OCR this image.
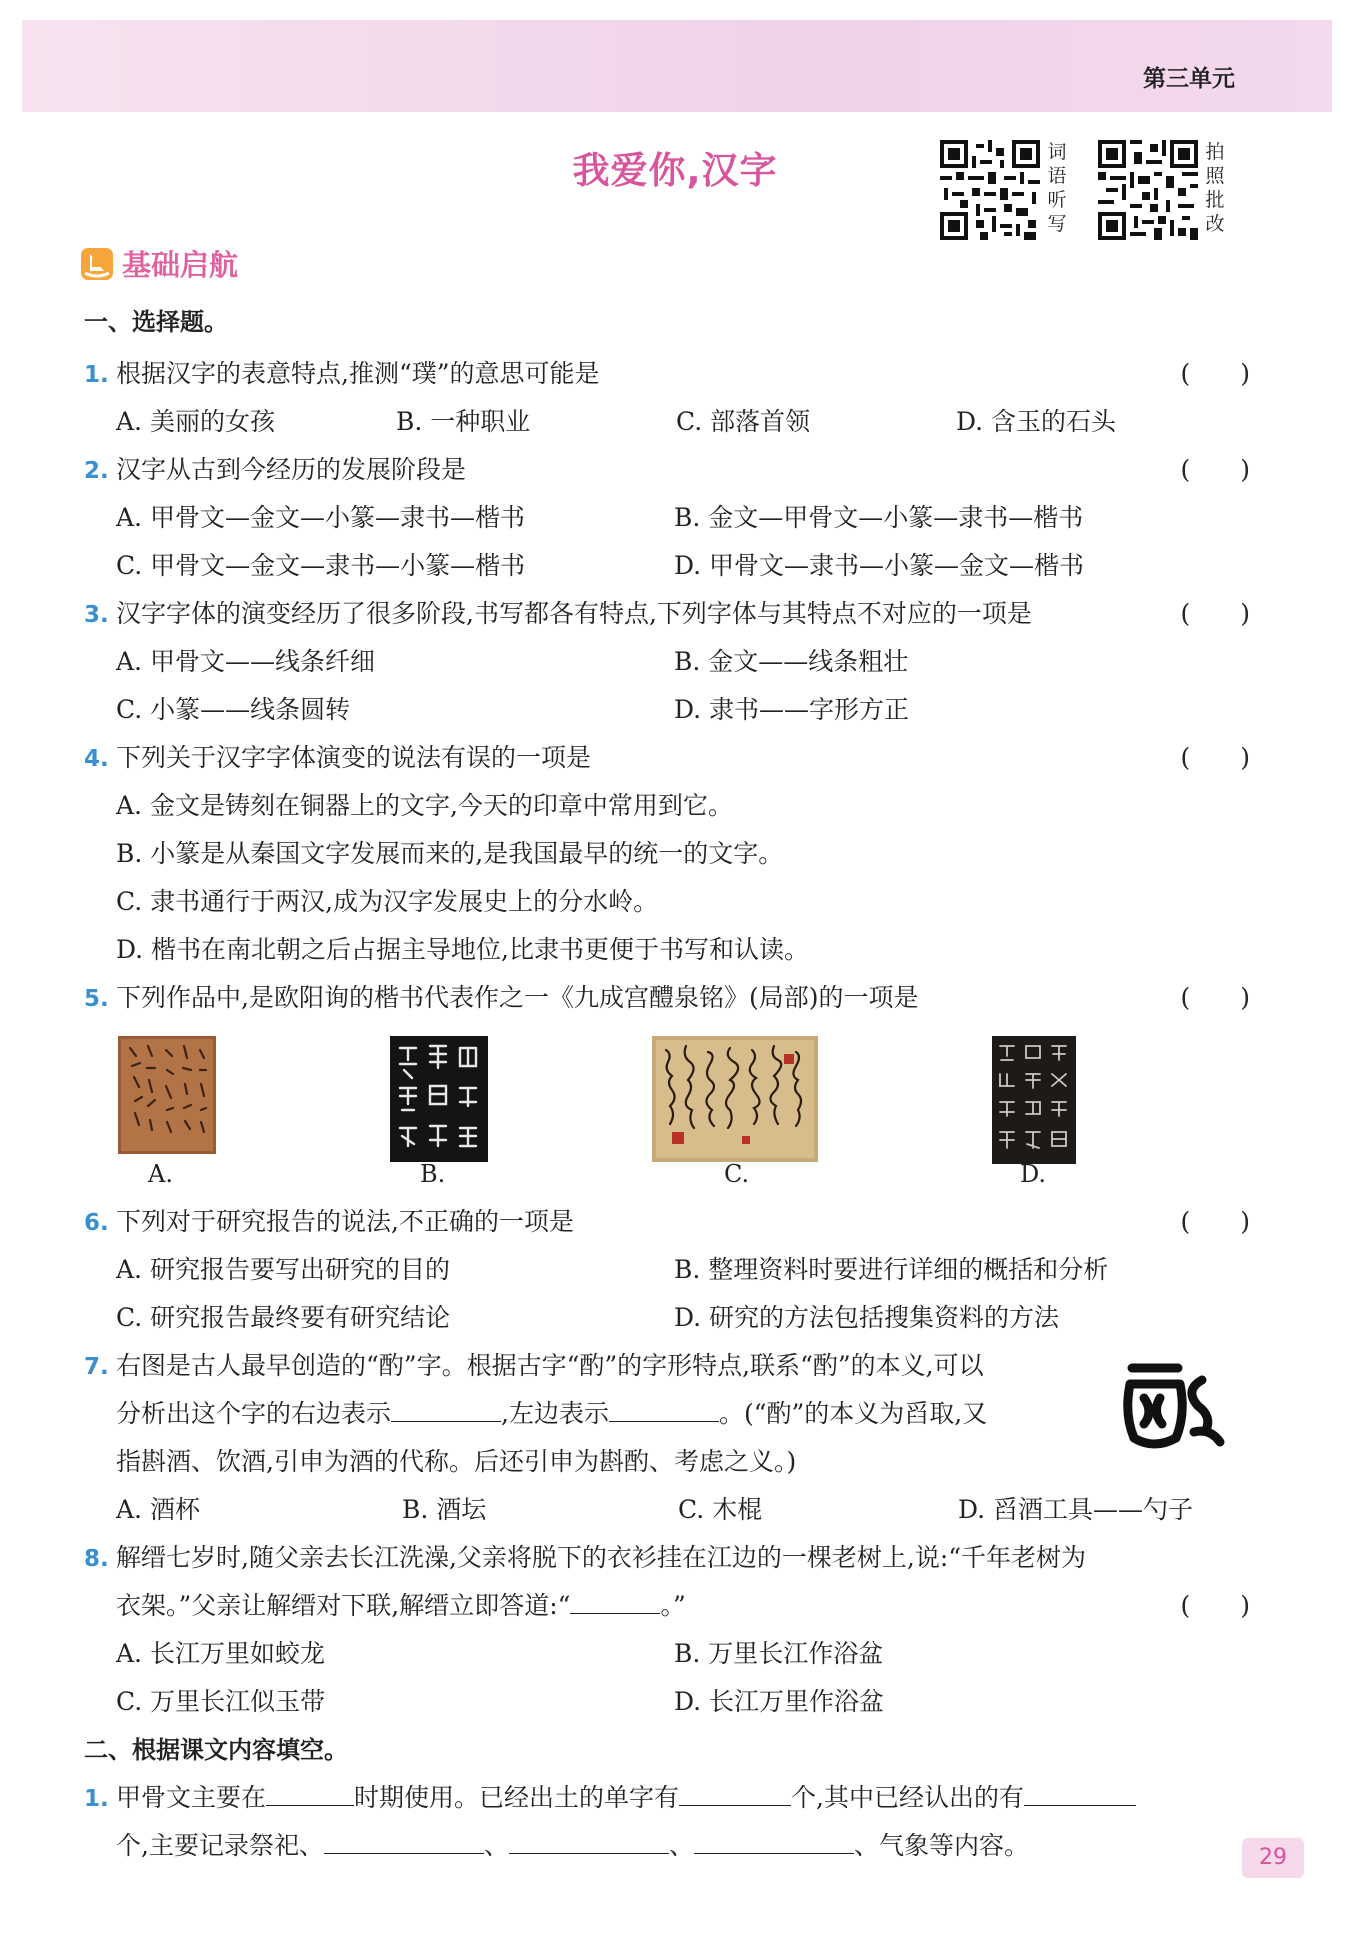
第三单元
我爱你,汉字	词
语
听
写
拍
照
批
改
基础启航
一、选择题。
1. 根据汉字的表意特点,推测“璞”的意思可能是	(　　)
A. 美丽的女孩	B. 一种职业	C. 部落首领	D. 含玉的石头
2. 汉字从古到今经历的发展阶段是	(　　)
A. 甲骨文—金文—小篆—隶书—楷书	B. 金文—甲骨文—小篆—隶书—楷书
C. 甲骨文—金文—隶书—小篆—楷书	D. 甲骨文—隶书—小篆—金文—楷书
3. 汉字字体的演变经历了很多阶段,书写都各有特点,下列字体与其特点不对应的一项是	(　　)
A. 甲骨文——线条纤细	B. 金文——线条粗壮
C. 小篆——线条圆转	D. 隶书——字形方正
4. 下列关于汉字字体演变的说法有误的一项是	(　　)
A. 金文是铸刻在铜器上的文字,今天的印章中常用到它。
B. 小篆是从秦国文字发展而来的,是我国最早的统一的文字。
C. 隶书通行于两汉,成为汉字发展史上的分水岭。
D. 楷书在南北朝之后占据主导地位,比隶书更便于书写和认读。
5. 下列作品中,是欧阳询的楷书代表作之一《九成宫醴泉铭》(局部)的一项是	(　　)
A.	B.	C.	D.
6. 下列对于研究报告的说法,不正确的一项是	(　　)
A. 研究报告要写出研究的目的	B. 整理资料时要进行详细的概括和分析
C. 研究报告最终要有研究结论	D. 研究的方法包括搜集资料的方法
7. 右图是古人最早创造的“酌”字。根据古字“酌”的字形特点,联系“酌”的本义,可以
分析出这个字的右边表示	,左边表示	。(“酌”的本义为舀取,又
指斟酒、饮酒,引申为酒的代称。后还引申为斟酌、考虑之义。)
A. 酒杯	B. 酒坛	C. 木棍	D. 舀酒工具——勺子
8. 解缙七岁时,随父亲去长江洗澡,父亲将脱下的衣衫挂在江边的一棵老树上,说:“千年老树为
衣架。”父亲让解缙对下联,解缙立即答道:“	。”	(　　)
A. 长江万里如蛟龙	B. 万里长江作浴盆
C. 万里长江似玉带	D. 长江万里作浴盆
二、根据课文内容填空。
1. 甲骨文主要在	时期使用。已经出土的单字有	个,其中已经认出的有
个,主要记录祭祀、	、	、	、气象等内容。	29
